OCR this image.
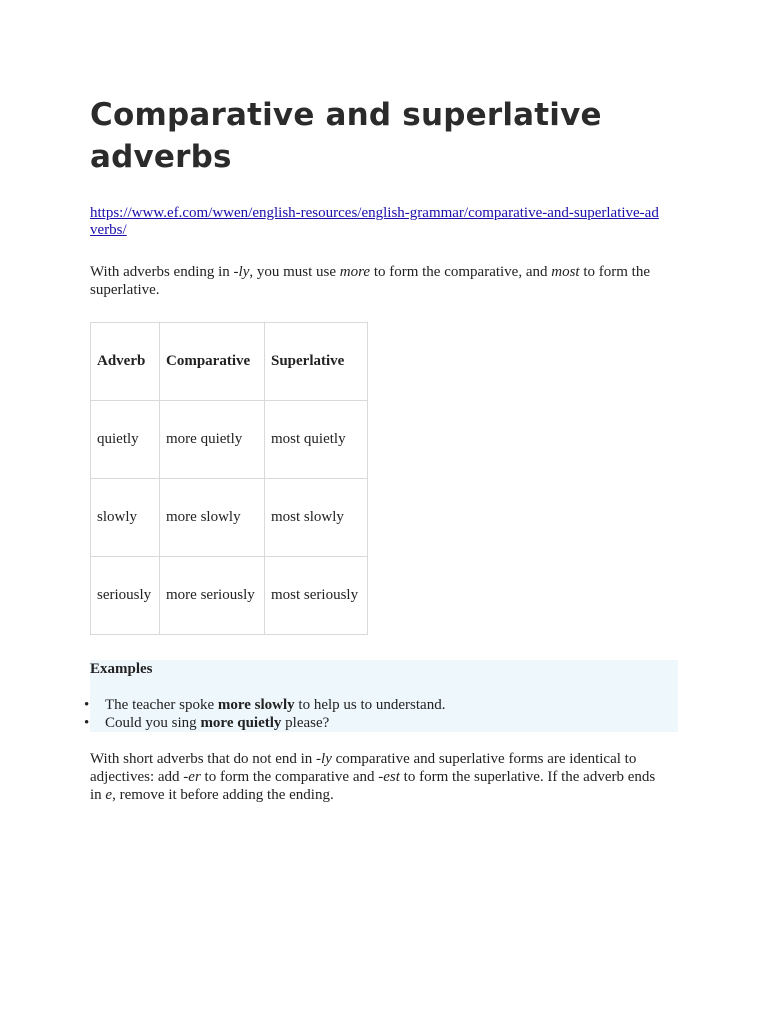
Comparative and superlative adverbs
https://www.ef.com/wwen/english-resources/english-grammar/comparative-and-superlative-adverbs/
With adverbs ending in -ly, you must use more to form the comparative, and most to form the superlative.
Adverb	Comparative	Superlative
quietly	more quietly	most quietly
slowly	more slowly	most slowly
seriously	more seriously	most seriously
Examples
• The teacher spoke more slowly to help us to understand.
• Could you sing more quietly please?
With short adverbs that do not end in -ly comparative and superlative forms are identical to adjectives: add -er to form the comparative and -est to form the superlative. If the adverb ends in e, remove it before adding the ending.
